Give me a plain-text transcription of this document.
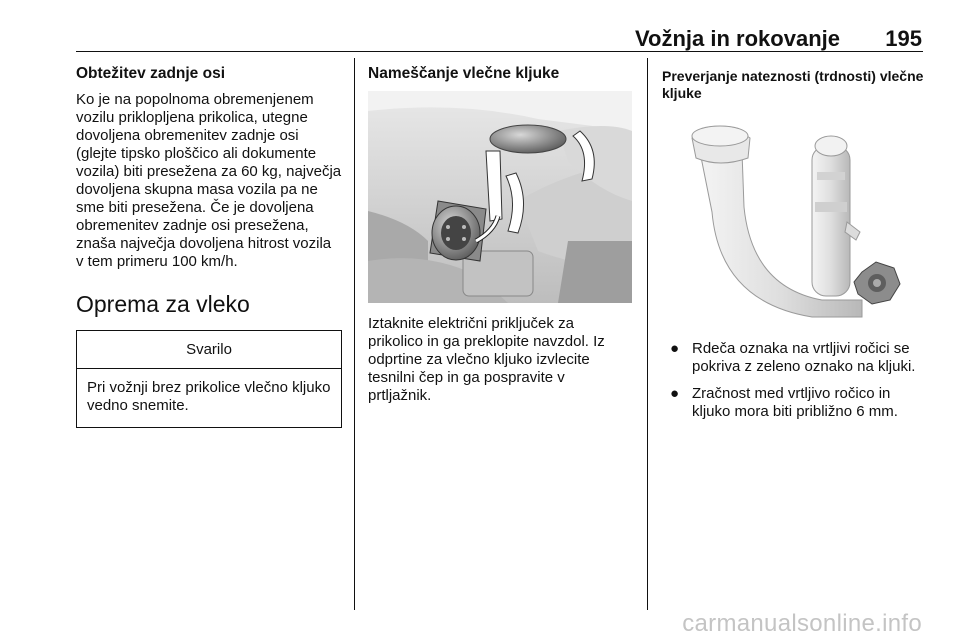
Vožnja in rokovanje 195
Obtežitev zadnje osi

Ko je na popolnoma obremenjenem vozilu priklopljena prikolica, utegne dovoljena obremenitev zadnje osi (glejte tipsko ploščico ali dokumente vozila) biti presežena za 60 kg, največja dovoljena skupna masa vozila pa ne sme biti presežena. Če je dovoljena obremenitev zadnje osi presežena, znaša največja dovoljena hitrost vozila v tem primeru 100 km/h.

Oprema za vleko
Svarilo
Pri vožnji brez prikolice vlečno kljuko vedno snemite.
Nameščanje vlečne kljuke

Iztaknite električni priključek za prikolico in ga preklopite navzdol. Iz odprtine za vlečno kljuko izvlecite tesnilni čep in ga pospravite v prtljažnik.

Preverjanje nateznosti (trdnosti) vlečne kljuke
● Rdeča oznaka na vrtljivi ročici se pokriva z zeleno oznako na kljuki.
● Zračnost med vrtljivo ročico in kljuko mora biti približno 6 mm.
carmanualsonline.info
